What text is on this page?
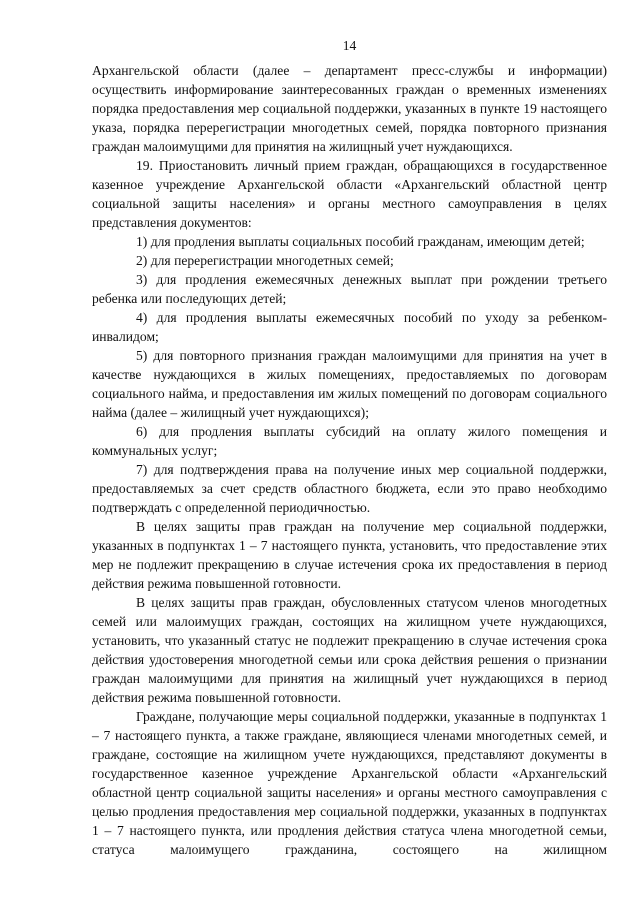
14

Архангельской области (далее – департамент пресс-службы и информации) осуществить информирование заинтересованных граждан о временных изменениях порядка предоставления мер социальной поддержки, указанных в пункте 19 настоящего указа, порядка перерегистрации многодетных семей, порядка повторного признания граждан малоимущими для принятия на жилищный учет нуждающихся.

19. Приостановить личный прием граждан, обращающихся в государственное казенное учреждение Архангельской области «Архангельский областной центр социальной защиты населения» и органы местного самоуправления в целях представления документов:

1) для продления выплаты социальных пособий гражданам, имеющим детей;

2) для перерегистрации многодетных семей;

3) для продления ежемесячных денежных выплат при рождении третьего ребенка или последующих детей;

4) для продления выплаты ежемесячных пособий по уходу за ребенком-инвалидом;

5) для повторного признания граждан малоимущими для принятия на учет в качестве нуждающихся в жилых помещениях, предоставляемых по договорам социального найма, и предоставления им жилых помещений по договорам социального найма (далее – жилищный учет нуждающихся);

6) для продления выплаты субсидий на оплату жилого помещения и коммунальных услуг;

7) для подтверждения права на получение иных мер социальной поддержки, предоставляемых за счет средств областного бюджета, если это право необходимо подтверждать с определенной периодичностью.

В целях защиты прав граждан на получение мер социальной поддержки, указанных в подпунктах 1 – 7 настоящего пункта, установить, что предоставление этих мер не подлежит прекращению в случае истечения срока их предоставления в период действия режима повышенной готовности.

В целях защиты прав граждан, обусловленных статусом членов многодетных семей или малоимущих граждан, состоящих на жилищном учете нуждающихся, установить, что указанный статус не подлежит прекращению в случае истечения срока действия удостоверения многодетной семьи или срока действия решения о признании граждан малоимущими для принятия на жилищный учет нуждающихся в период действия режима повышенной готовности.

Граждане, получающие меры социальной поддержки, указанные в подпунктах 1 – 7 настоящего пункта, а также граждане, являющиеся членами многодетных семей, и граждане, состоящие на жилищном учете нуждающихся, представляют документы в государственное казенное учреждение Архангельской области «Архангельский областной центр социальной защиты населения» и органы местного самоуправления с целью продления предоставления мер социальной поддержки, указанных в подпунктах 1 – 7 настоящего пункта, или продления действия статуса члена многодетной семьи, статуса малоимущего гражданина, состоящего на жилищном
